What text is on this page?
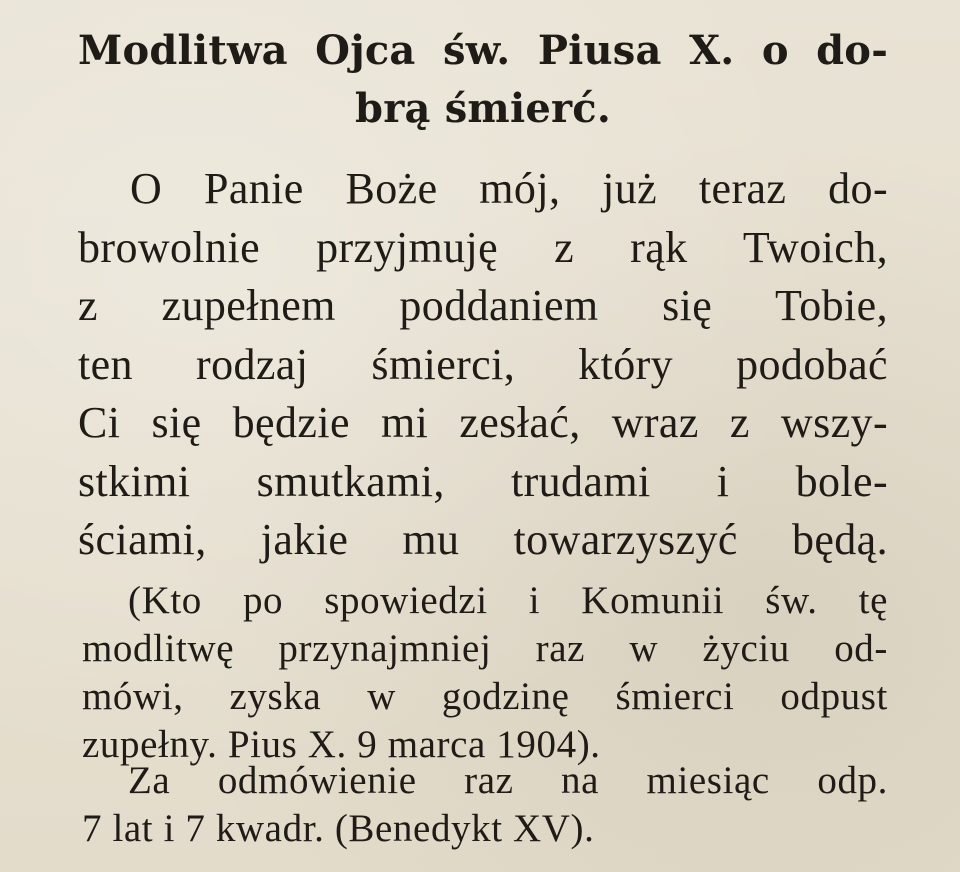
Modlitwa Ojca św. Piusa X. o do-
brą śmierć.

O Panie Boże mój, już teraz do-
browolnie przyjmuję z rąk Twoich,
z zupełnem poddaniem się Tobie,
ten rodzaj śmierci, który podobać
Ci się będzie mi zesłać, wraz z wszy-
stkimi smutkami, trudami i bole-
ściami, jakie mu towarzyszyć będą.

(Kto po spowiedzi i Komunii św. tę
modlitwę przynajmniej raz w życiu od-
mówi, zyska w godzinę śmierci odpust
zupełny. Pius X. 9 marca 1904).

Za odmówienie raz na miesiąc odp.
7 lat i 7 kwadr. (Benedykt XV).
